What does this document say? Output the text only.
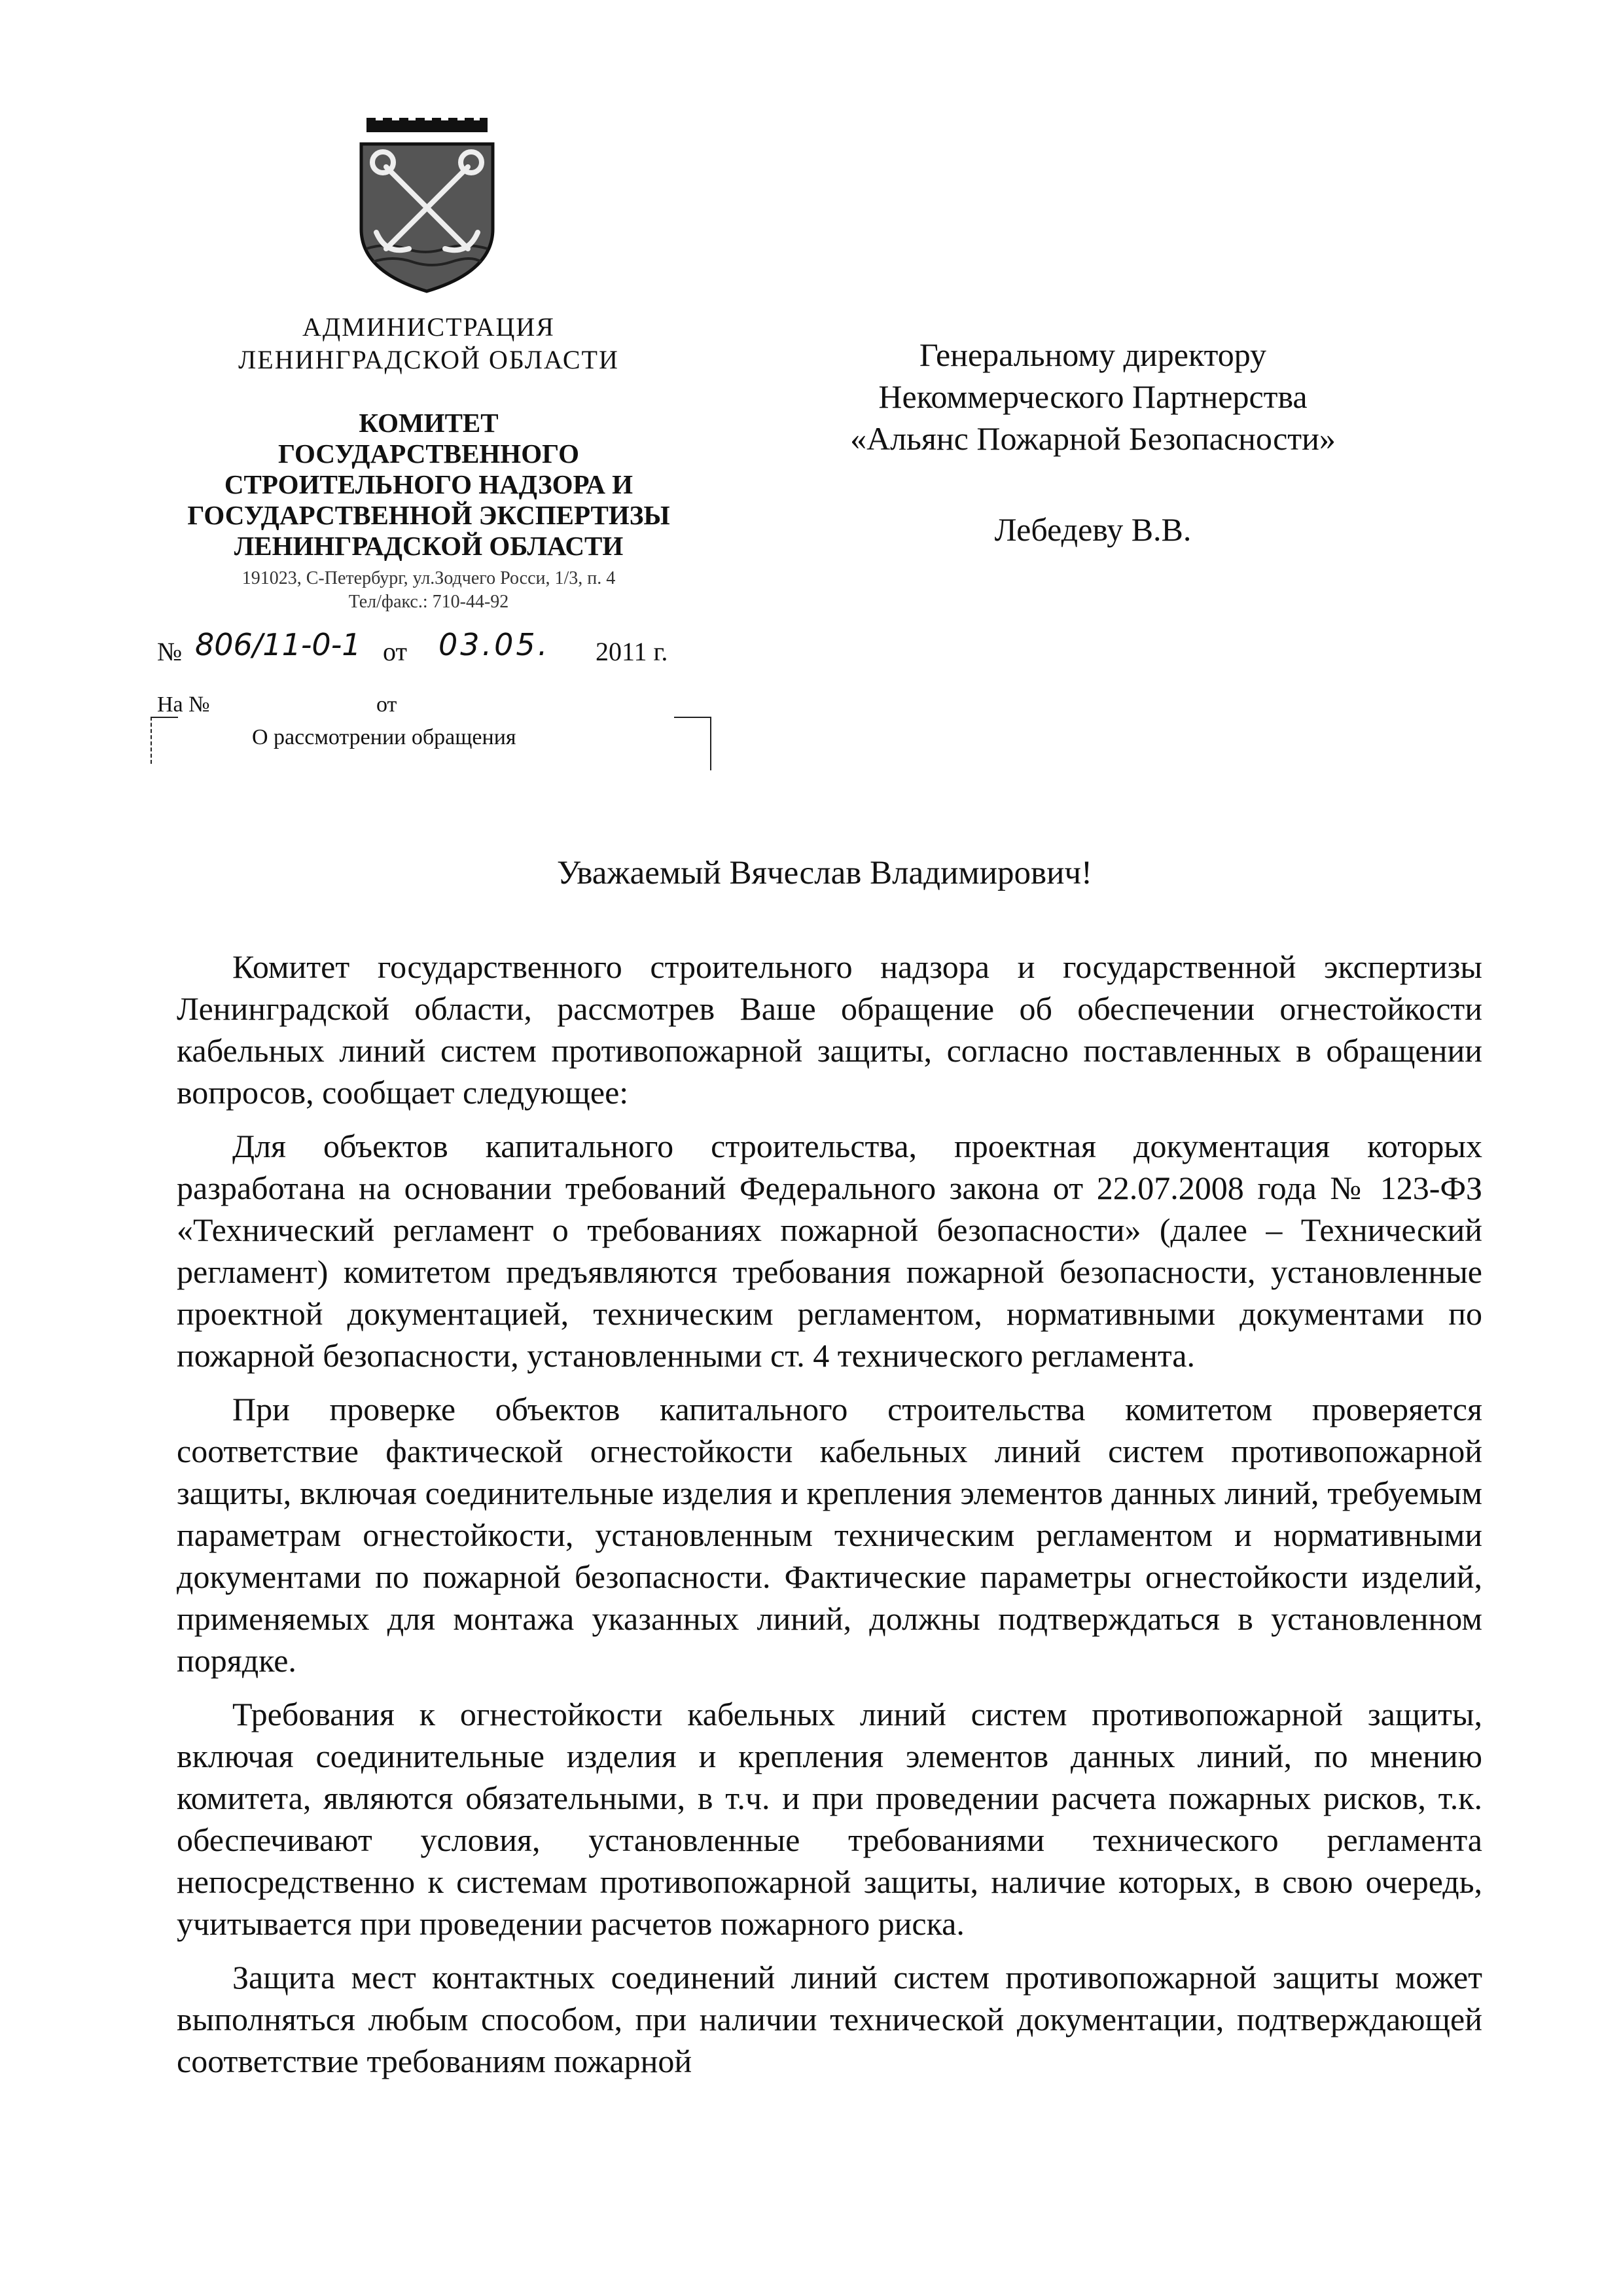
АДМИНИСТРАЦИЯ
ЛЕНИНГРАДСКОЙ ОБЛАСТИ
КОМИТЕТ
ГОСУДАРСТВЕННОГО
СТРОИТЕЛЬНОГО НАДЗОРА И
ГОСУДАРСТВЕННОЙ ЭКСПЕРТИЗЫ
ЛЕНИНГРАДСКОЙ ОБЛАСТИ
191023, С-Петербург, ул.Зодчего Росси, 1/3, п. 4
Тел/факс.: 710-44-92
№ 806/11-0-1 от 03.05. 2011 г.
На №	от
О рассмотрении обращения
Генеральному директору
Некоммерческого Партнерства
«Альянс Пожарной Безопасности»
Лебедеву В.В.
Уважаемый Вячеслав Владимирович!

Комитет государственного строительного надзора и государственной экспертизы Ленинградской области, рассмотрев Ваше обращение об обеспечении огнестойкости кабельных линий систем противопожарной защиты, согласно поставленных в обращении вопросов, сообщает следующее:

Для объектов капитального строительства, проектная документация которых разработана на основании требований Федерального закона от 22.07.2008 года № 123-ФЗ «Технический регламент о требованиях пожарной безопасности» (далее – Технический регламент) комитетом предъявляются требования пожарной безопасности, установленные проектной документацией, техническим регламентом, нормативными документами по пожарной безопасности, установленными ст. 4 технического регламента.

При проверке объектов капитального строительства комитетом проверяется соответствие фактической огнестойкости кабельных линий систем противопожарной защиты, включая соединительные изделия и крепления элементов данных линий, требуемым параметрам огнестойкости, установленным техническим регламентом и нормативными документами по пожарной безопасности. Фактические параметры огнестойкости изделий, применяемых для монтажа указанных линий, должны подтверждаться в установленном порядке.

Требования к огнестойкости кабельных линий систем противопожарной защиты, включая соединительные изделия и крепления элементов данных линий, по мнению комитета, являются обязательными, в т.ч. и при проведении расчета пожарных рисков, т.к. обеспечивают условия, установленные требованиями технического регламента непосредственно к системам противопожарной защиты, наличие которых, в свою очередь, учитывается при проведении расчетов пожарного риска.

Защита мест контактных соединений линий систем противопожарной защиты может выполняться любым способом, при наличии технической документации, подтверждающей соответствие требованиям пожарной
